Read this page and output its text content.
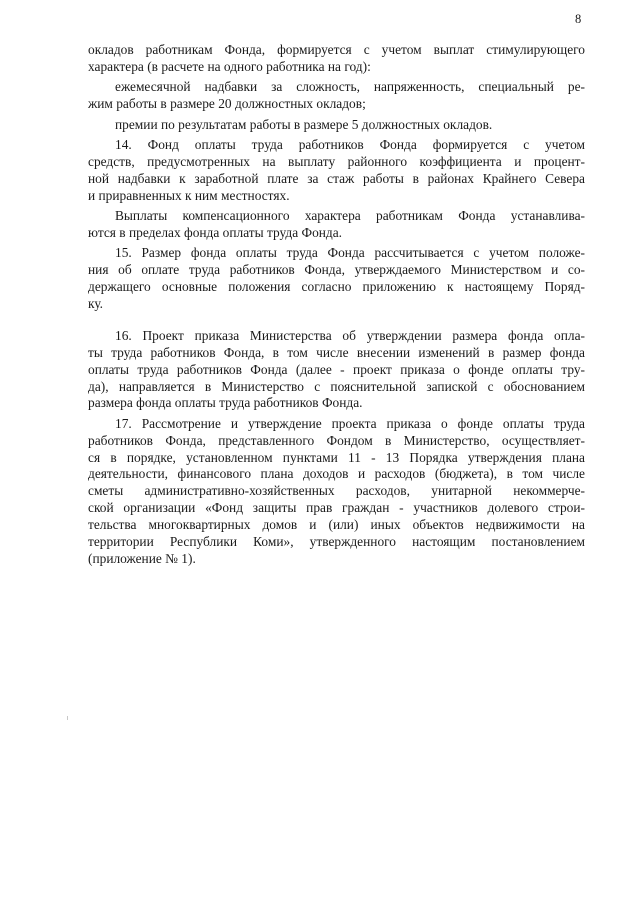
8
окладов работникам Фонда, формируется с учетом выплат стимулирующего
характера (в расчете на одного работника на год):
ежемесячной надбавки за сложность, напряженность, специальный ре-
жим работы в размере 20 должностных окладов;
премии по результатам работы в размере 5 должностных окладов.
14. Фонд оплаты труда работников Фонда формируется с учетом
средств, предусмотренных на выплату районного коэффициента и процент-
ной надбавки к заработной плате за стаж работы в районах Крайнего Севера
и приравненных к ним местностях.
Выплаты компенсационного характера работникам Фонда устанавлива-
ются в пределах фонда оплаты труда Фонда.
15. Размер фонда оплаты труда Фонда рассчитывается с учетом положе-
ния об оплате труда работников Фонда, утверждаемого Министерством и со-
держащего основные положения согласно приложению к настоящему Поряд-
ку.
16. Проект приказа Министерства об утверждении размера фонда опла-
ты труда работников Фонда, в том числе внесении изменений в размер фонда
оплаты труда работников Фонда (далее - проект приказа о фонде оплаты тру-
да), направляется в Министерство с пояснительной запиской с обоснованием
размера фонда оплаты труда работников Фонда.
17. Рассмотрение и утверждение проекта приказа о фонде оплаты труда
работников Фонда, представленного Фондом в Министерство, осуществляет-
ся в порядке, установленном пунктами 11 - 13 Порядка утверждения плана
деятельности, финансового плана доходов и расходов (бюджета), в том числе
сметы административно-хозяйственных расходов, унитарной некоммерче-
ской организации «Фонд защиты прав граждан - участников долевого строи-
тельства многоквартирных домов и (или) иных объектов недвижимости на
территории Республики Коми», утвержденного настоящим постановлением
(приложение № 1).
